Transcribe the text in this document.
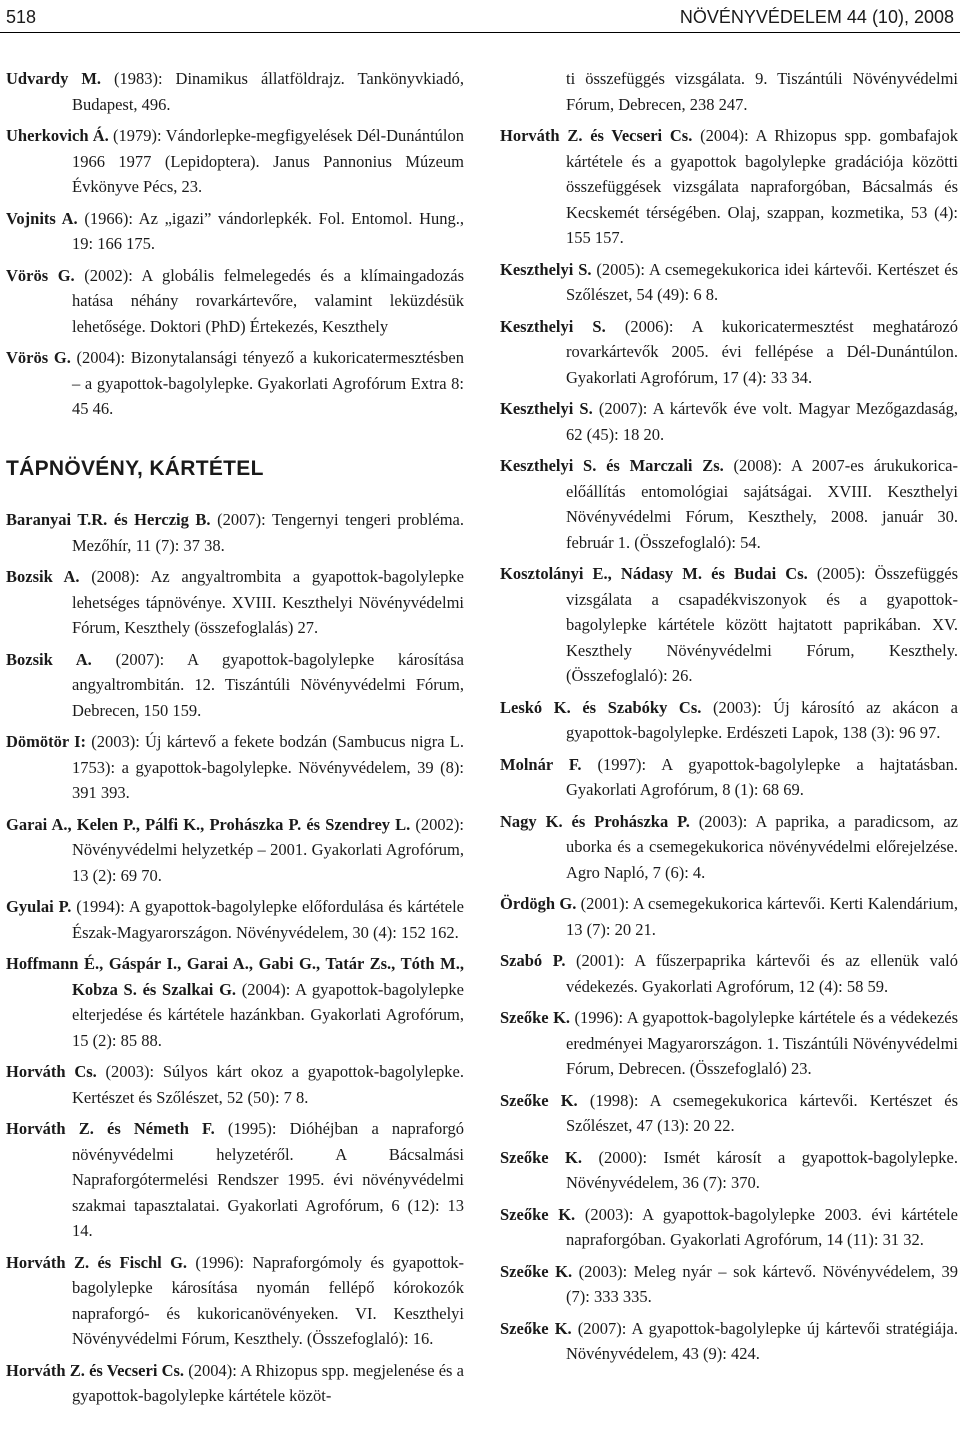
518	NÖVÉNYVÉDELEM 44 (10), 2008

Udvardy M. (1983): Dinamikus állatföldrajz. Tankönyvkiadó, Budapest, 496.

Uherkovich Á. (1979): Vándorlepke-megfigyelések Dél-Dunántúlon 1966 1977 (Lepidoptera). Janus Pannonius Múzeum Évkönyve Pécs, 23.

Vojnits A. (1966): Az „igazi” vándorlepkék. Fol. Entomol. Hung., 19: 166 175.

Vörös G. (2002): A globális felmelegedés és a klímaingadozás hatása néhány rovarkártevőre, valamint leküzdésük lehetősége. Doktori (PhD) Értekezés, Keszthely

Vörös G. (2004): Bizonytalansági tényező a kukoricatermesztésben – a gyapottok-bagolylepke. Gyakorlati Agrofórum Extra 8: 45 46.

TÁPNÖVÉNY, KÁRTÉTEL

Baranyai T.R. és Herczig B. (2007): Tengernyi tengeri probléma. Mezőhír, 11 (7): 37 38.

Bozsik A. (2008): Az angyaltrombita a gyapottok-bagolylepke lehetséges tápnövénye. XVIII. Keszthelyi Növényvédelmi Fórum, Keszthely (összefoglalás) 27.

Bozsik A. (2007): A gyapottok-bagolylepke károsítása angyaltrombitán. 12. Tiszántúli Növényvédelmi Fórum, Debrecen, 150 159.

Dömötör I: (2003): Új kártevő a fekete bodzán (Sambucus nigra L. 1753): a gyapottok-bagolylepke. Növényvédelem, 39 (8): 391 393.

Garai A., Kelen P., Pálfi K., Prohászka P. és Szendrey L. (2002): Növényvédelmi helyzetkép – 2001. Gyakorlati Agrofórum, 13 (2): 69 70.

Gyulai P. (1994): A gyapottok-bagolylepke előfordulása és kártétele Észak-Magyarországon. Növényvédelem, 30 (4): 152 162.

Hoffmann É., Gáspár I., Garai A., Gabi G., Tatár Zs., Tóth M., Kobza S. és Szalkai G. (2004): A gyapottok-bagolylepke elterjedése és kártétele hazánkban. Gyakorlati Agrofórum, 15 (2): 85 88.

Horváth Cs. (2003): Súlyos kárt okoz a gyapottok-bagolylepke. Kertészet és Szőlészet, 52 (50): 7 8.

Horváth Z. és Németh F. (1995): Dióhéjban a napraforgó növényvédelmi helyzetéről. A Bácsalmási Napraforgótermelési Rendszer 1995. évi növényvédelmi szakmai tapasztalatai. Gyakorlati Agrofórum, 6 (12): 13 14.

Horváth Z. és Fischl G. (1996): Napraforgómoly és gyapottok-bagolylepke károsítása nyomán fellépő kórokozók napraforgó- és kukoricanövényeken. VI. Keszthelyi Növényvédelmi Fórum, Keszthely. (Összefoglaló): 16.

Horváth Z. és Vecseri Cs. (2004): A Rhizopus spp. megjelenése és a gyapottok-bagolylepke kártétele közöt-

ti összefüggés vizsgálata. 9. Tiszántúli Növényvédelmi Fórum, Debrecen, 238 247.

Horváth Z. és Vecseri Cs. (2004): A Rhizopus spp. gombafajok kártétele és a gyapottok bagolylepke gradációja közötti összefüggések vizsgálata napraforgóban, Bácsalmás és Kecskemét térségében. Olaj, szappan, kozmetika, 53 (4): 155 157.

Keszthelyi S. (2005): A csemegekukorica idei kártevői. Kertészet és Szőlészet, 54 (49): 6 8.

Keszthelyi S. (2006): A kukoricatermesztést meghatározó rovarkártevők 2005. évi fellépése a Dél-Dunántúlon. Gyakorlati Agrofórum, 17 (4): 33 34.

Keszthelyi S. (2007): A kártevők éve volt. Magyar Mezőgazdaság, 62 (45): 18 20.

Keszthelyi S. és Marczali Zs. (2008): A 2007-es árukukorica-előállítás entomológiai sajátságai. XVIII. Keszthelyi Növényvédelmi Fórum, Keszthely, 2008. január 30. február 1. (Összefoglaló): 54.

Kosztolányi E., Nádasy M. és Budai Cs. (2005): Összefüggés vizsgálata a csapadékviszonyok és a gyapottok-bagolylepke kártétele között hajtatott paprikában. XV. Keszthely Növényvédelmi Fórum, Keszthely. (Összefoglaló): 26.

Leskó K. és Szabóky Cs. (2003): Új károsító az akácon a gyapottok-bagolylepke. Erdészeti Lapok, 138 (3): 96 97.

Molnár F. (1997): A gyapottok-bagolylepke a hajtatásban. Gyakorlati Agrofórum, 8 (1): 68 69.

Nagy K. és Prohászka P. (2003): A paprika, a paradicsom, az uborka és a csemegekukorica növényvédelmi előrejelzése. Agro Napló, 7 (6): 4.

Ördögh G. (2001): A csemegekukorica kártevői. Kerti Kalendárium, 13 (7): 20 21.

Szabó P. (2001): A fűszerpaprika kártevői és az ellenük való védekezés. Gyakorlati Agrofórum, 12 (4): 58 59.

Szeőke K. (1996): A gyapottok-bagolylepke kártétele és a védekezés eredményei Magyarországon. 1. Tiszántúli Növényvédelmi Fórum, Debrecen. (Összefoglaló) 23.

Szeőke K. (1998): A csemegekukorica kártevői. Kertészet és Szőlészet, 47 (13): 20 22.

Szeőke K. (2000): Ismét károsít a gyapottok-bagolylepke. Növényvédelem, 36 (7): 370.

Szeőke K. (2003): A gyapottok-bagolylepke 2003. évi kártétele napraforgóban. Gyakorlati Agrofórum, 14 (11): 31 32.

Szeőke K. (2003): Meleg nyár – sok kártevő. Növényvédelem, 39 (7): 333 335.

Szeőke K. (2007): A gyapottok-bagolylepke új kártevői stratégiája. Növényvédelem, 43 (9): 424.
